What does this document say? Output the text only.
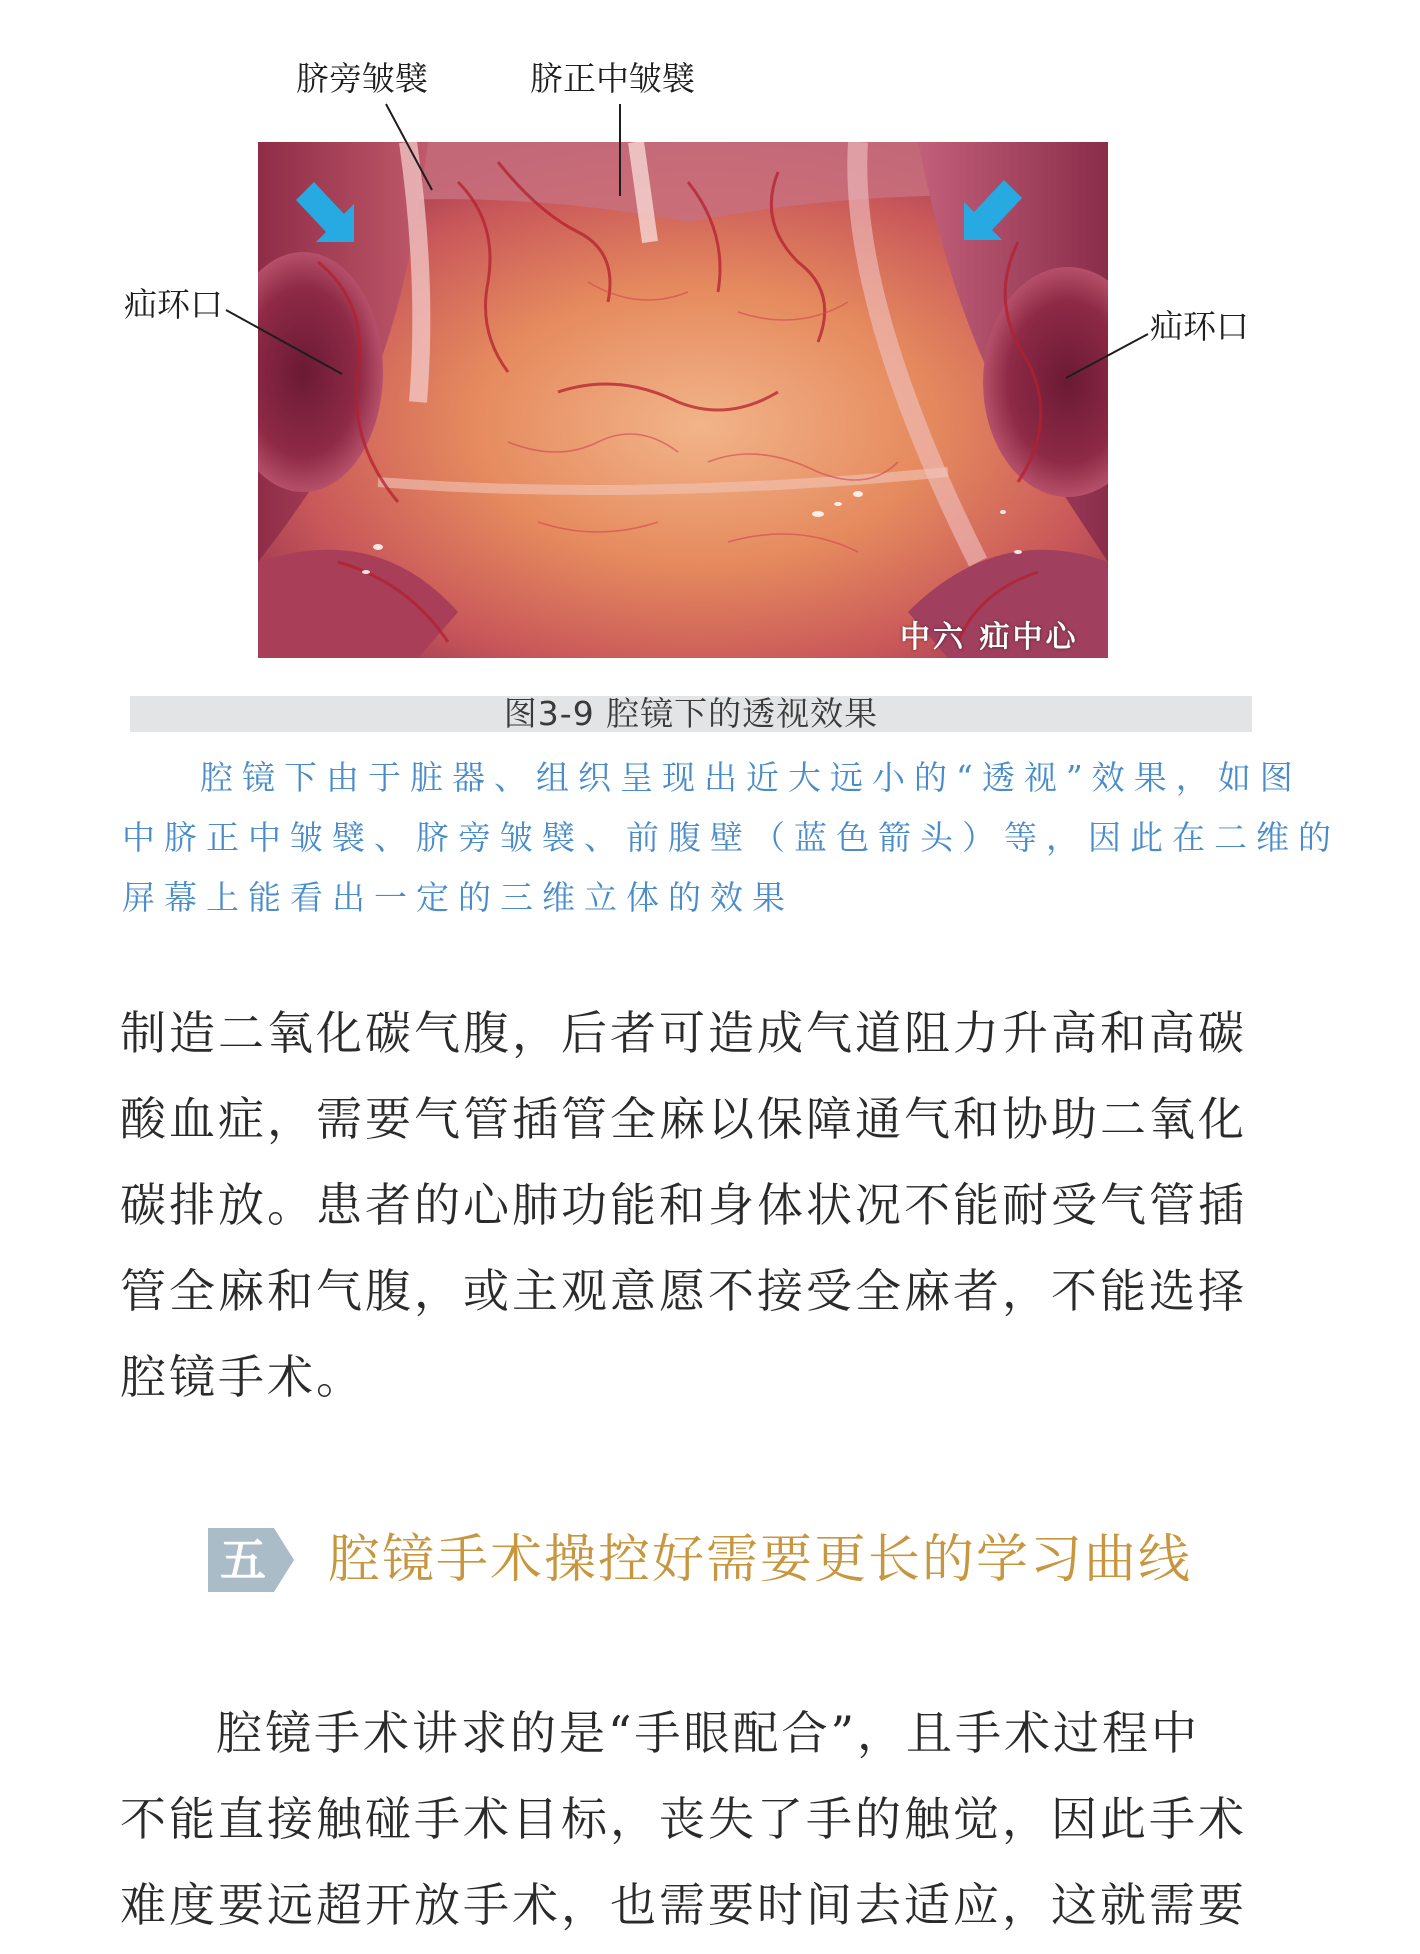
脐旁皱襞	脐正中皱襞
疝环口
疝环口
中六 疝中心
图3-9 腔镜下的透视效果
腔镜下由于脏器、组织呈现出近大远小的“透视”效果，如图
中脐正中皱襞、脐旁皱襞、前腹壁（蓝色箭头）等，因此在二维的
屏幕上能看出一定的三维立体的效果
制造二氧化碳气腹，后者可造成气道阻力升高和高碳
酸血症，需要气管插管全麻以保障通气和协助二氧化
碳排放。患者的心肺功能和身体状况不能耐受气管插
管全麻和气腹，或主观意愿不接受全麻者，不能选择
腔镜手术。
五 腔镜手术操控好需要更长的学习曲线
腔镜手术讲求的是“手眼配合”，且手术过程中
不能直接触碰手术目标，丧失了手的触觉，因此手术
难度要远超开放手术，也需要时间去适应，这就需要
